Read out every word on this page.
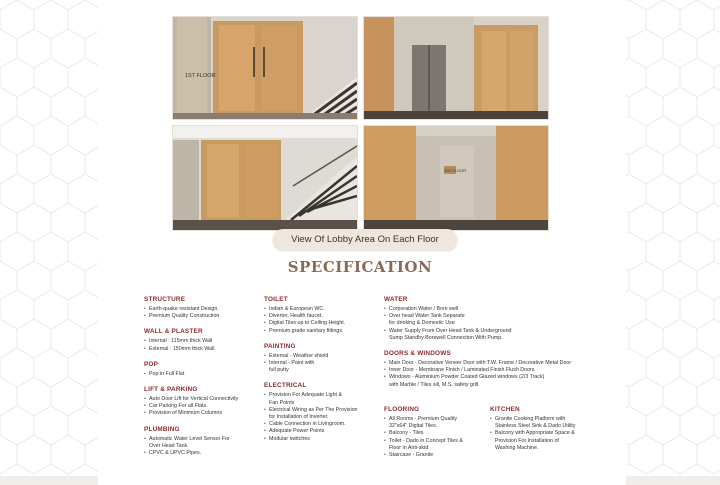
1ST FLOOR
1ST FLOOR
View Of Lobby Area On Each Floor
SPECIFICATION
STRUCTURE
• Earth-quake resistant Design.
• Premium Quality Construction
WALL & PLASTER
• Internal : 115mm thick Wall
• External : 150mm thick Wall
POP
• Pop in Full Flat
LIFT & PARKING
• Auto Door Lift for Vertical Connectivity
• Car Parking For all Flats.
• Provision of Minimum Columns
PLUMBING
• Automatic Water Level Sensor For
Over Head Tank.
• CPVC & UPVC Pipes.
TOILET
• Indian & European WC.
• Diverter, Health faucet.
• Digital Tiles up to Ceiling Height.
• Premium grade sanitary fittings.
PAINTING
• External - Weather shield
• Internal - Paint with
full putty
ELECTRICAL
• Provision For Adequate Light &
Fan Points
• Electrical Wiring as Per The Provision
for Installation of Inverter.
• Cable Connection in Livingroom.
• Adequate Power Points
• Modular switches
WATER
• Corporation Water / Bore well
• Over head Water Tank Separate
for drinking & Domestic Use
• Water Supply From Over Head Tank & Underground
Sump Standby Borewell Connection With Pump.
DOORS & WINDOWS
• Main Door - Decorative Veneer Door with T.W. Frame / Decorative Metal Door
• Inner Door - Membrane Finish / Laminated Finish Flush Doors
• Windows - Aluminium Powder Coated Glazed windows (2/3 Track)
with Marble / Tiles sill, M.S. safety grill.
FLOORING
• All Rooms - Premium Quality
32"x64" Digital Tiles.
• Balcony - Tiles
• Toilet - Dado in Concept Tiles &
Floor in Anti-skid
• Staircase - Granite
KITCHEN
• Granite Cooking Platform with
Stainless Steel Sink & Dado Utility
• Balcony with Appropriate Space &
Provision For Installation of
Washing Machine.
